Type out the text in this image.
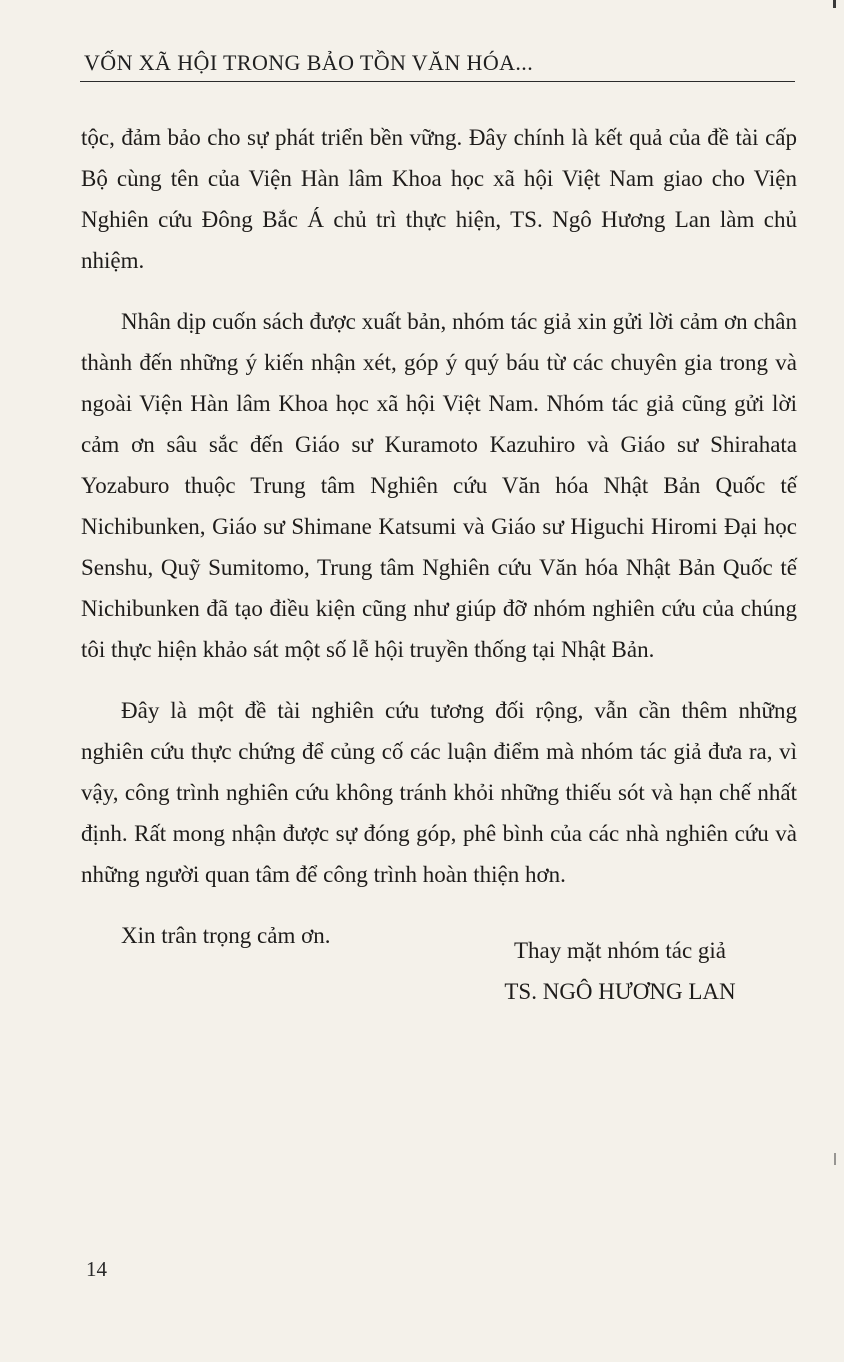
VỐN XÃ HỘI TRONG BẢO TỒN VĂN HÓA...

tộc, đảm bảo cho sự phát triển bền vững. Đây chính là kết quả của đề tài cấp Bộ cùng tên của Viện Hàn lâm Khoa học xã hội Việt Nam giao cho Viện Nghiên cứu Đông Bắc Á chủ trì thực hiện, TS. Ngô Hương Lan làm chủ nhiệm.

Nhân dịp cuốn sách được xuất bản, nhóm tác giả xin gửi lời cảm ơn chân thành đến những ý kiến nhận xét, góp ý quý báu từ các chuyên gia trong và ngoài Viện Hàn lâm Khoa học xã hội Việt Nam. Nhóm tác giả cũng gửi lời cảm ơn sâu sắc đến Giáo sư Kuramoto Kazuhiro và Giáo sư Shirahata Yozaburo thuộc Trung tâm Nghiên cứu Văn hóa Nhật Bản Quốc tế Nichibunken, Giáo sư Shimane Katsumi và Giáo sư Higuchi Hiromi Đại học Senshu, Quỹ Sumitomo, Trung tâm Nghiên cứu Văn hóa Nhật Bản Quốc tế Nichibunken đã tạo điều kiện cũng như giúp đỡ nhóm nghiên cứu của chúng tôi thực hiện khảo sát một số lễ hội truyền thống tại Nhật Bản.

Đây là một đề tài nghiên cứu tương đối rộng, vẫn cần thêm những nghiên cứu thực chứng để củng cố các luận điểm mà nhóm tác giả đưa ra, vì vậy, công trình nghiên cứu không tránh khỏi những thiếu sót và hạn chế nhất định. Rất mong nhận được sự đóng góp, phê bình của các nhà nghiên cứu và những người quan tâm để công trình hoàn thiện hơn.

Xin trân trọng cảm ơn.

Thay mặt nhóm tác giả
TS. NGÔ HƯƠNG LAN
14
